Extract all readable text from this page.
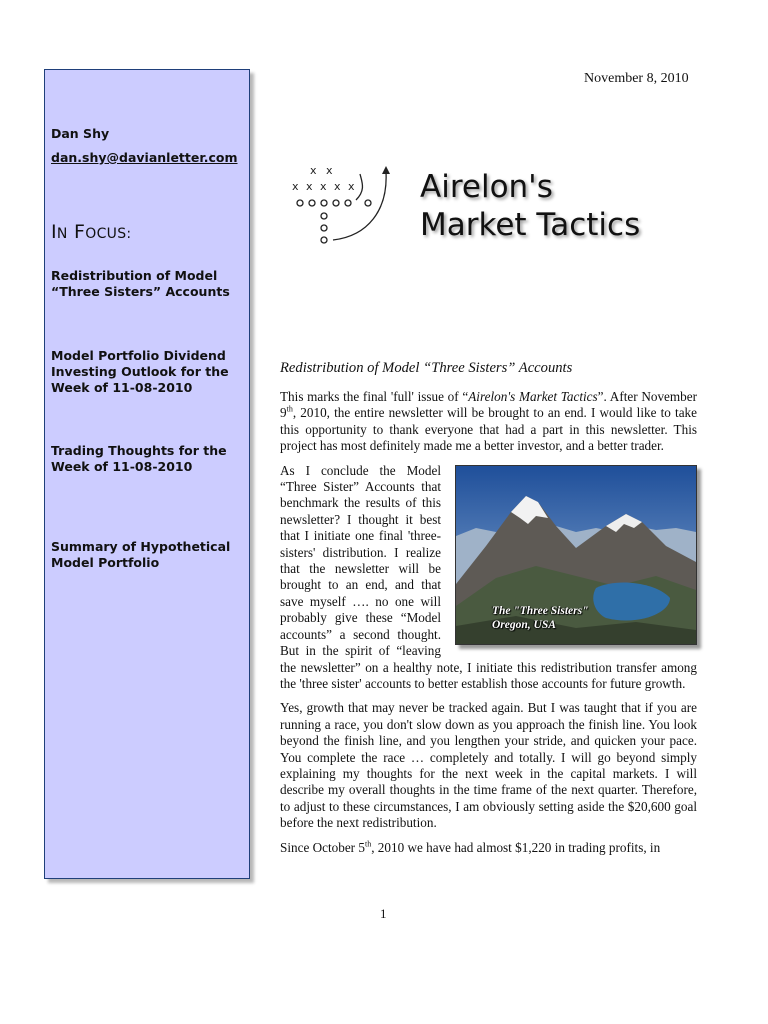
Dan Shy
dan.shy@davianletter.com
IN FOCUS:
Redistribution of Model “Three Sisters” Accounts
Model Portfolio Dividend Investing Outlook for the Week of 11-08-2010
Trading Thoughts for the Week of 11-08-2010
Summary of Hypothetical Model Portfolio
November 8, 2010
x x
x x x x x Airelon's
Market Tactics
Redistribution of Model “Three Sisters” Accounts

This marks the final 'full' issue of “Airelon's Market Tactics”. After November 9th, 2010, the entire newsletter will be brought to an end. I would like to take this opportunity to thank everyone that had a part in this newsletter. This project has most definitely made me a better investor, and a better trader.

The "Three Sisters"
Oregon, USA
As I conclude the Model “Three Sister” Accounts that benchmark the results of this newsletter? I thought it best that I initiate one final 'three-sisters' distribution. I realize that the newsletter will be brought to an end, and that save myself …. no one will probably give these “Model accounts” a second thought. But in the spirit of “leaving the newsletter” on a healthy note, I initiate this redistribution transfer among the 'three sister' accounts to better establish those accounts for future growth.

Yes, growth that may never be tracked again. But I was taught that if you are running a race, you don't slow down as you approach the finish line. You look beyond the finish line, and you lengthen your stride, and quicken your pace. You complete the race … completely and totally. I will go beyond simply explaining my thoughts for the next week in the capital markets. I will describe my overall thoughts in the time frame of the next quarter. Therefore, to adjust to these circumstances, I am obviously setting aside the $20,600 goal before the next redistribution.

Since October 5th, 2010 we have had almost $1,220 in trading profits, in

1
